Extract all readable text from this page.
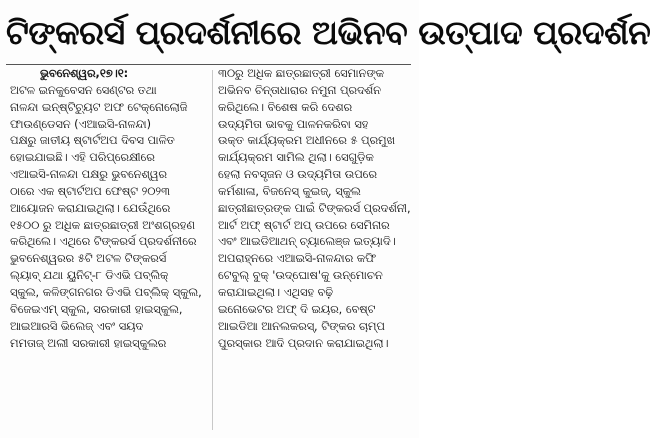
ଟିଙ୍କରର୍ସ ପ୍ରଦର୍ଶନୀରେ ଅଭିନବ ଉତ୍ପାଦ ପ୍ରଦର୍ଶନ
ଭୁବନେଶ୍ୱର,୧୭।୧:
ଅଟଳ ଇନକୁବେସନ ସେଣ୍ଟର ତଥା
ନାଳନ୍ଦା ଇନ୍‌ଷ୍ଟିଚ୍ୟୁଟ ଅଫ ଟେକ୍ନୋଲୋଜି
ଫାଉଣ୍ଡେସନ (ଏଆଇସି-ନାଳନ୍ଦା)
ପକ୍ଷରୁ ଜାତୀୟ ଷ୍ଟାର୍ଟଅପ ଦିବସ ପାଳିତ
ହୋଇଯାଇଛି। ଏହି ପରିପ୍ରେକ୍ଷୀରେ
ଏଆଇସି-ନାଳନ୍ଦା ପକ୍ଷରୁ ଭୁବନେଶ୍ୱର
ଠାରେ ଏକ ଷ୍ଟାର୍ଟଅପ ଫେଷ୍ଟ ୨୦୨୩
ଆୟୋଜନ କରାଯାଇଥିଲା। ଯେଉଁଥିରେ
୧୫୦୦ ରୁ ଅଧିକ ଛାତ୍ରଛାତ୍ରୀ ଅଂଶଗ୍ରହଣ
କରିଥିଲେ। ଏଥିରେ ଟିଙ୍କରର୍ସ ପ୍ରଦର୍ଶନୀରେ
ଭୁବନେଶ୍ୱରର ୫ଟି ଅଟଳ ଟିଙ୍କରର୍ସ
ଲ୍ୟାବ୍ ଯଥା ୟୁନିଟ୍-୮ ଡିଏଭି ପବ୍ଲିକ୍
ସ୍କୁଲ, କଳିଙ୍ଗନଗର ଡିଏଭି ପବ୍ଲିକ୍ ସ୍କୁଲ,
ବିଜେଇଏମ୍ ସ୍କୁଲ, ସରକାରୀ ହାଇସ୍କୁଲ,
ଆଇଆରସି ଭିଲେଜ୍ ଏବଂ ସୟଦ
ମମତାଜ୍ ଅଲୀ ସରକାରୀ ହାଇସ୍କୁଲର
୩୦ରୁ ଅଧିକ ଛାତ୍ରଛାତ୍ରୀ ସେମାନଙ୍କ
ଅଭିନବ ଚିନ୍ତାଧାରାର ନମୁନା ପ୍ରଦର୍ଶନ
କରିଥିଲେ। ବିଶେଷ କରି ଦେଶର
ଉଦ୍ୟମିତା ଭାବକୁ ପାଳନକରିବା ସହ
ଉକ୍ତ କାର୍ଯ୍ୟକ୍ରମ ଅଧୀନରେ ୫ ପ୍ରମୁଖ
କାର୍ଯ୍ୟକ୍ରମ ସାମିଲ ଥିଲା। ସେଗୁଡ଼ିକ
ହେଲା ନବସୃଜନ ଓ ଉଦ୍ୟମିତା ଉପରେ
କର୍ମଶାଳା, ବିଜନେସ୍ କୁଇଜ୍, ସ୍କୁଲ
ଛାତ୍ରୀଛାତ୍ରଙ୍କ ପାଇଁ ଟିଙ୍କରର୍ସ ପ୍ରଦର୍ଶନୀ,
ଆର୍ଟ ଅଫ୍ ଷ୍ଟାର୍ଟ ଅପ୍ ଉପରେ ସେମିନାର
ଏବଂ ଆଇଡିଆଥନ୍ ଚ୍ୟାଲେଞ୍ଜ ଇତ୍ୟାଦି।
ଅପରାହ୍ନରେ ଏଆଇସି-ନାଳନ୍ଦାର କଫି
ଟେବୁଲ୍ ବୁକ୍ 'ଉଦ୍‌ଘୋଷ'କୁ ଉନ୍ମୋଚନ
କରାଯାଇଥିଲା। ଏଥିସହ ବଢ଼ି
ଇନୋଭେଟର ଅଫ୍ ଦି ଇୟର, ବେଷ୍ଟ
ଆଇଡିଆ ଆନଲକରସ୍, ଟିଙ୍କର ଚାମ୍ପ
ପୁରସ୍କାର ଆଦି ପ୍ରଦାନ କରାଯାଇଥିଲା।
